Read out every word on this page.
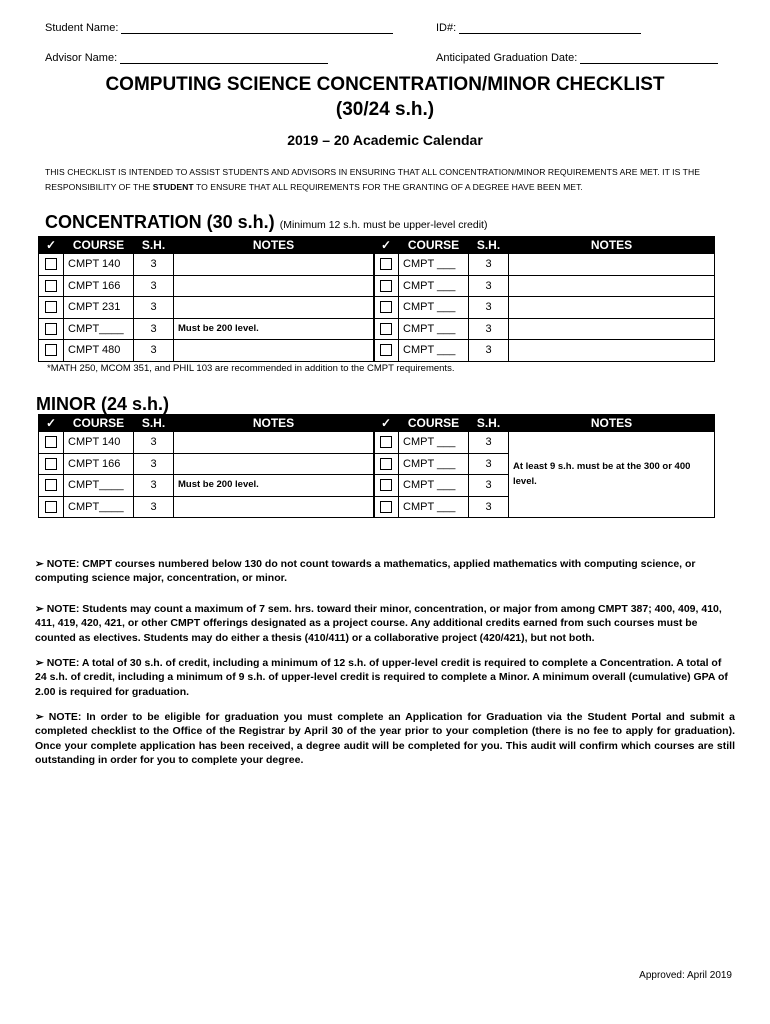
Student Name:	ID#:
Advisor Name:	Anticipated Graduation Date:
COMPUTING SCIENCE CONCENTRATION/MINOR CHECKLIST
(30/24 s.h.)
2019 – 20 Academic Calendar
THIS CHECKLIST IS INTENDED TO ASSIST STUDENTS AND ADVISORS IN ENSURING THAT ALL CONCENTRATION/MINOR REQUIREMENTS ARE MET. IT IS THE RESPONSIBILITY OF THE STUDENT TO ENSURE THAT ALL REQUIREMENTS FOR THE GRANTING OF A DEGREE HAVE BEEN MET.
CONCENTRATION (30 s.h.) (Minimum 12 s.h. must be upper-level credit)
✓	COURSE	S.H.	NOTES	✓	COURSE	S.H.	NOTES
	CMPT 140	3			CMPT ___	3	
	CMPT 166	3			CMPT ___	3	
	CMPT 231	3			CMPT ___	3	
	CMPT____	3	Must be 200 level.		CMPT ___	3	
	CMPT 480	3			CMPT ___	3	
*MATH 250, MCOM 351, and PHIL 103 are recommended in addition to the CMPT requirements.
MINOR (24 s.h.)
✓	COURSE	S.H.	NOTES	✓	COURSE	S.H.	NOTES
	CMPT 140	3			CMPT ___	3	At least 9 s.h. must be at the 300 or 400 level.
	CMPT 166	3			CMPT ___	3	
	CMPT____	3	Must be 200 level.		CMPT ___	3	
	CMPT____	3			CMPT ___	3	
➢ NOTE: CMPT courses numbered below 130 do not count towards a mathematics, applied mathematics with computing science, or computing science major, concentration, or minor.
➢ NOTE: Students may count a maximum of 7 sem. hrs. toward their minor, concentration, or major from among CMPT 387; 400, 409, 410, 411, 419, 420, 421, or other CMPT offerings designated as a project course. Any additional credits earned from such courses must be counted as electives. Students may do either a thesis (410/411) or a collaborative project (420/421), but not both.
➢ NOTE: A total of 30 s.h. of credit, including a minimum of 12 s.h. of upper-level credit is required to complete a Concentration. A total of 24 s.h. of credit, including a minimum of 9 s.h. of upper-level credit is required to complete a Minor. A minimum overall (cumulative) GPA of 2.00 is required for graduation.
➢ NOTE: In order to be eligible for graduation you must complete an Application for Graduation via the Student Portal and submit a completed checklist to the Office of the Registrar by April 30 of the year prior to your completion (there is no fee to apply for graduation). Once your complete application has been received, a degree audit will be completed for you. This audit will confirm which courses are still outstanding in order for you to complete your degree.
Approved: April 2019
